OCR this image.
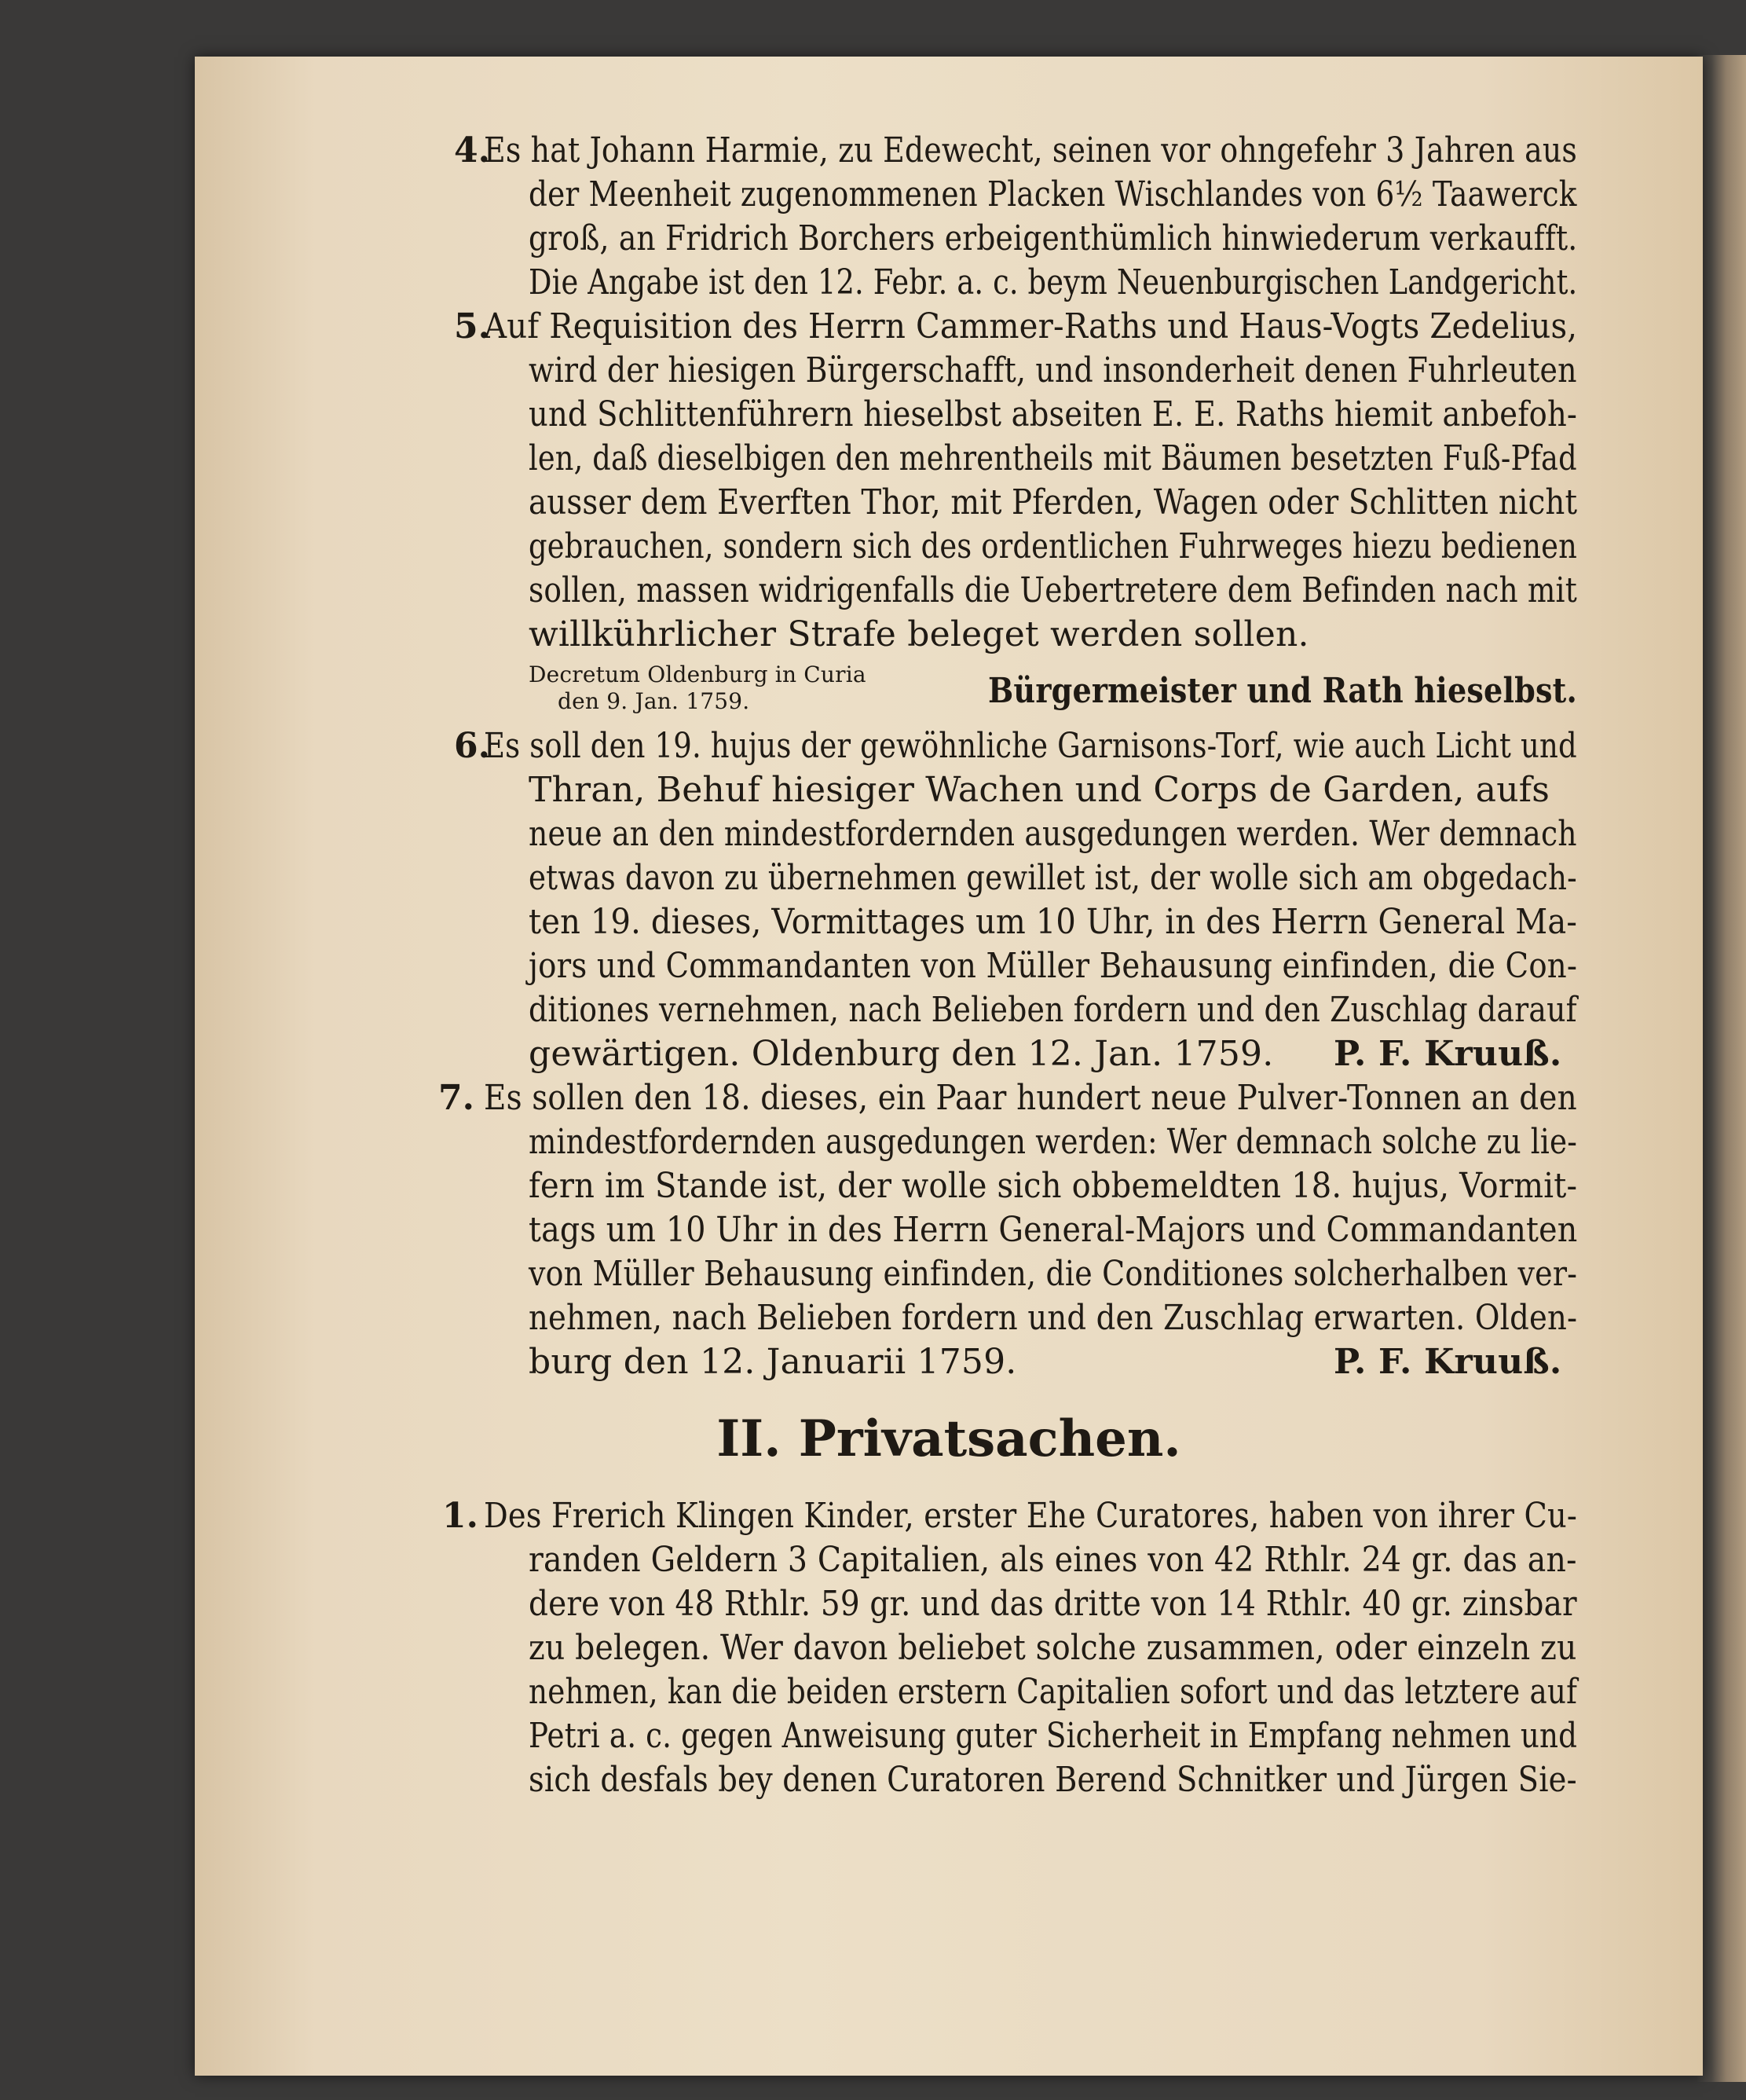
4.
Es hat Johann Harmie, zu Edewecht, seinen vor ohngefehr 3 Jahren aus
der Meenheit zugenommenen Placken Wischlandes von 6½ Taawerck
groß, an Fridrich Borchers erbeigenthümlich hinwiederum verkaufft.
Die Angabe ist den 12. Febr. a. c. beym Neuenburgischen Landgericht.
5.
Auf Requisition des Herrn Cammer-Raths und Haus-Vogts Zedelius,
wird der hiesigen Bürgerschafft, und insonderheit denen Fuhrleuten
und Schlittenführern hieselbst abseiten E. E. Raths hiemit anbefoh-
len, daß dieselbigen den mehrentheils mit Bäumen besetzten Fuß-Pfad
ausser dem Everften Thor, mit Pferden, Wagen oder Schlitten nicht
gebrauchen, sondern sich des ordentlichen Fuhrweges hiezu bedienen
sollen, massen widrigenfalls die Uebertretere dem Befinden nach mit
willkührlicher Strafe beleget werden sollen.
Decretum Oldenburg in Curia
den 9. Jan. 1759.	Bürgermeister und Rath hieselbst.
6.
Es soll den 19. hujus der gewöhnliche Garnisons-Torf, wie auch Licht und
Thran, Behuf hiesiger Wachen und Corps de Garden, aufs
neue an den mindestfordernden ausgedungen werden. Wer demnach
etwas davon zu übernehmen gewillet ist, der wolle sich am obgedach-
ten 19. dieses, Vormittages um 10 Uhr, in des Herrn General Ma-
jors und Commandanten von Müller Behausung einfinden, die Con-
ditiones vernehmen, nach Belieben fordern und den Zuschlag darauf
gewärtigen. Oldenburg den 12. Jan. 1759. P. F. Kruuß.
7. Es sollen den 18. dieses, ein Paar hundert neue Pulver-Tonnen an den
mindestfordernden ausgedungen werden: Wer demnach solche zu lie-
fern im Stande ist, der wolle sich obbemeldten 18. hujus, Vormit-
tags um 10 Uhr in des Herrn General-Majors und Commandanten
von Müller Behausung einfinden, die Conditiones solcherhalben ver-
nehmen, nach Belieben fordern und den Zuschlag erwarten. Olden-
burg den 12. Januarii 1759.	P. F. Kruuß.
II. Privatsachen.
1. Des Frerich Klingen Kinder, erster Ehe Curatores, haben von ihrer Cu-
randen Geldern 3 Capitalien, als eines von 42 Rthlr. 24 gr. das an-
dere von 48 Rthlr. 59 gr. und das dritte von 14 Rthlr. 40 gr. zinsbar
zu belegen. Wer davon beliebet solche zusammen, oder einzeln zu
nehmen, kan die beiden erstern Capitalien sofort und das letztere auf
Petri a. c. gegen Anweisung guter Sicherheit in Empfang nehmen und
sich desfals bey denen Curatoren Berend Schnitker und Jürgen Sie-
